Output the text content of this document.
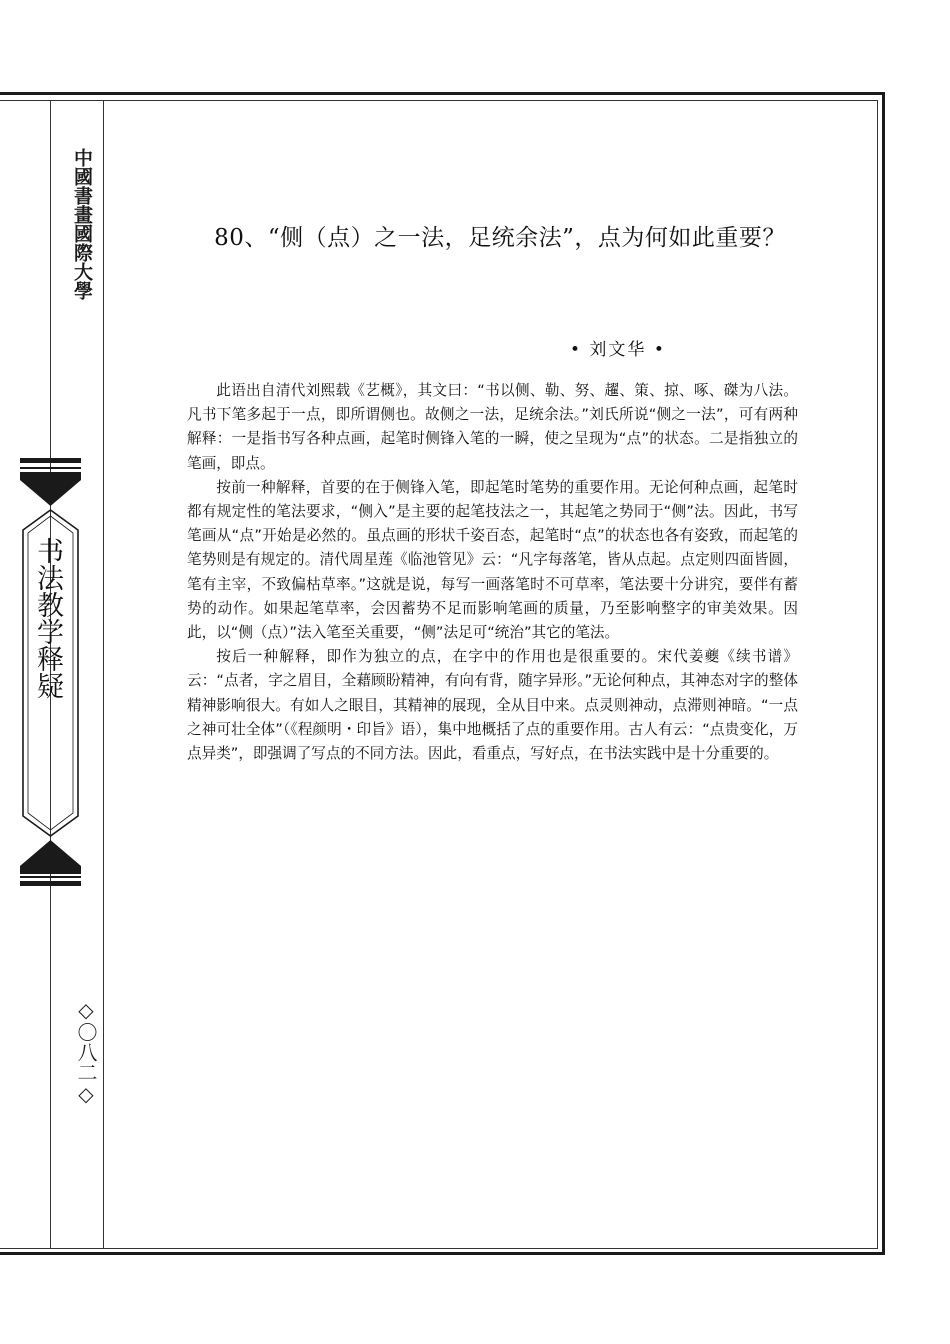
中國書畫國際大學
书法教学释疑
◇〇八二◇
80、“侧（点）之一法，足统余法”，点为何如此重要？
• 刘文华 •

此语出自清代刘熙载《艺概》，其文曰：“书以侧、勒、努、趯、策、掠、啄、磔为八法。凡书下笔多起于一点，即所谓侧也。故侧之一法，足统余法。”刘氏所说“侧之一法”，可有两种解释：一是指书写各种点画，起笔时侧锋入笔的一瞬，使之呈现为“点”的状态。二是指独立的笔画，即点。

按前一种解释，首要的在于侧锋入笔，即起笔时笔势的重要作用。无论何种点画，起笔时都有规定性的笔法要求，“侧入”是主要的起笔技法之一，其起笔之势同于“侧”法。因此，书写笔画从“点”开始是必然的。虽点画的形状千姿百态，起笔时“点”的状态也各有姿致，而起笔的笔势则是有规定的。清代周星莲《临池管见》云：“凡字每落笔，皆从点起。点定则四面皆圆，笔有主宰，不致偏枯草率。”这就是说，每写一画落笔时不可草率，笔法要十分讲究，要伴有蓄势的动作。如果起笔草率，会因蓄势不足而影响笔画的质量，乃至影响整字的审美效果。因此，以“侧（点）”法入笔至关重要，“侧”法足可“统治”其它的笔法。

按后一种解释，即作为独立的点，在字中的作用也是很重要的。宋代姜夔《续书谱》云：“点者，字之眉目，全藉顾盼精神，有向有背，随字异形。”无论何种点，其神态对字的整体精神影响很大。有如人之眼目，其精神的展现，全从目中来。点灵则神动，点滞则神暗。“一点之神可壮全体”（《程颜明・印旨》语），集中地概括了点的重要作用。古人有云：“点贵变化，万点异类”，即强调了写点的不同方法。因此，看重点，写好点，在书法实践中是十分重要的。
